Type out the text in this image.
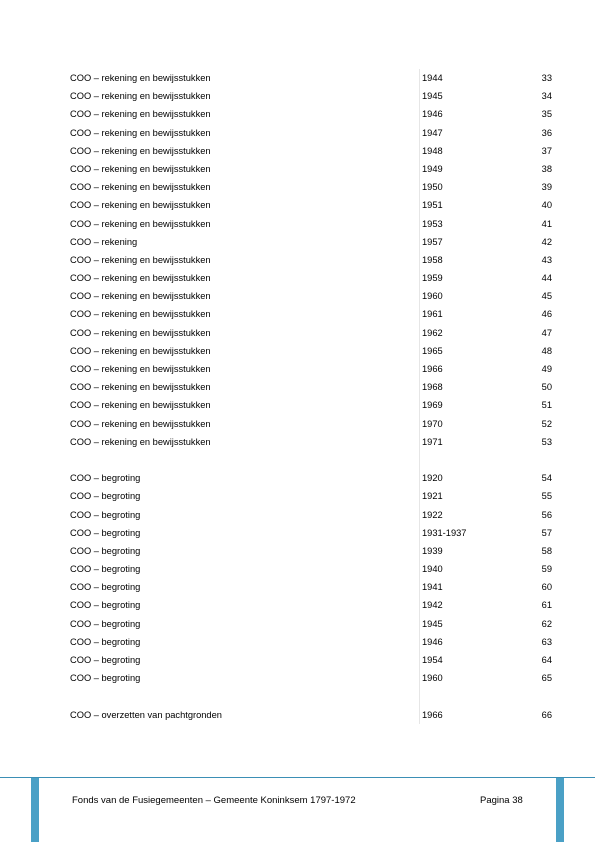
COO – rekening en bewijsstukken	1944	33
COO – rekening en bewijsstukken	1945	34
COO – rekening en bewijsstukken	1946	35
COO – rekening en bewijsstukken	1947	36
COO – rekening en bewijsstukken	1948	37
COO – rekening en bewijsstukken	1949	38
COO – rekening en bewijsstukken	1950	39
COO – rekening en bewijsstukken	1951	40
COO – rekening en bewijsstukken	1953	41
COO – rekening	1957	42
COO – rekening en bewijsstukken	1958	43
COO – rekening en bewijsstukken	1959	44
COO – rekening en bewijsstukken	1960	45
COO – rekening en bewijsstukken	1961	46
COO – rekening en bewijsstukken	1962	47
COO – rekening en bewijsstukken	1965	48
COO – rekening en bewijsstukken	1966	49
COO – rekening en bewijsstukken	1968	50
COO – rekening en bewijsstukken	1969	51
COO – rekening en bewijsstukken	1970	52
COO – rekening en bewijsstukken	1971	53
COO – begroting	1920	54
COO – begroting	1921	55
COO – begroting	1922	56
COO – begroting	1931-1937	57
COO – begroting	1939	58
COO – begroting	1940	59
COO – begroting	1941	60
COO – begroting	1942	61
COO – begroting	1945	62
COO – begroting	1946	63
COO – begroting	1954	64
COO – begroting	1960	65
COO – overzetten van pachtgronden	1966	66
Fonds van de Fusiegemeenten – Gemeente Koninksem 1797-1972	Pagina 38
